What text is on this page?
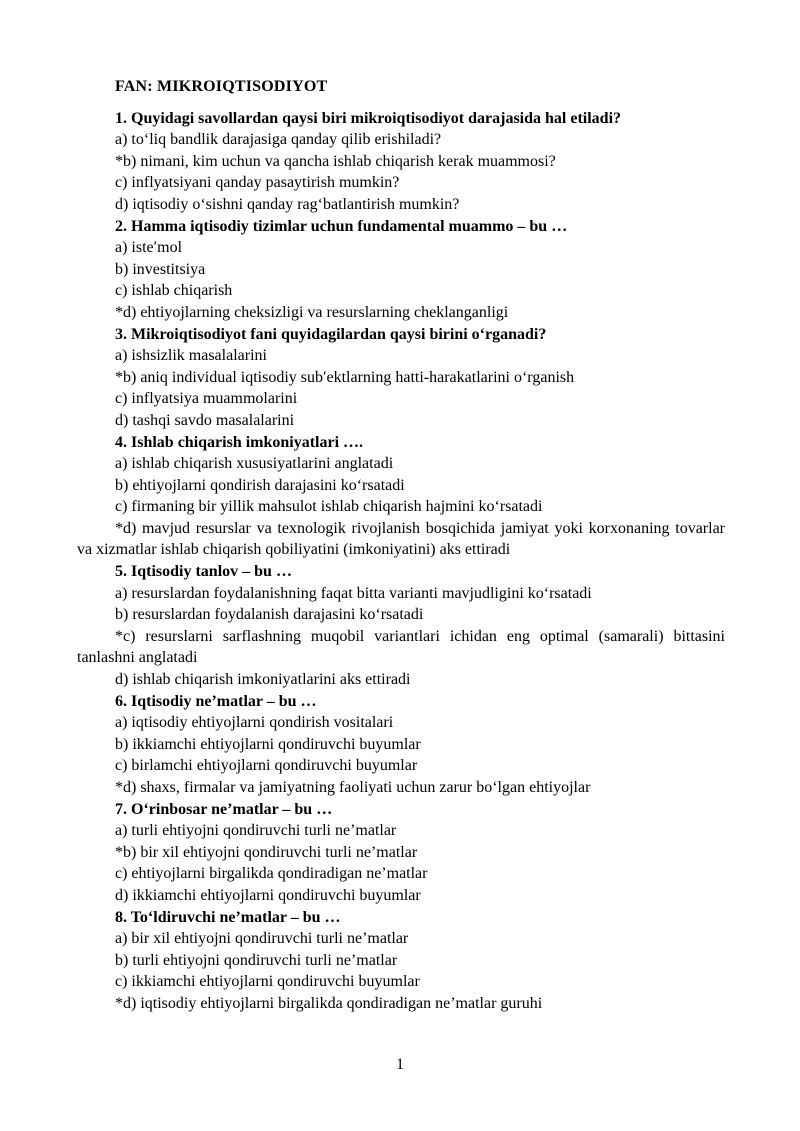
FAN: MIKROIQTISODIYOT
1. Quyidagi savollardan qaysi biri mikroiqtisodiyot darajasida hal etiladi?
a) to‘liq bandlik darajasiga qanday qilib erishiladi?
*b) nimani, kim uchun va qancha ishlab chiqarish kerak muammosi?
c) inflyatsiyani qanday pasaytirish mumkin?
d) iqtisodiy o‘sishni qanday rag‘batlantirish mumkin?
2. Hamma iqtisodiy tizimlar uchun fundamental muammo – bu …
a) iste′mol
b) investitsiya
c) ishlab chiqarish
*d) ehtiyojlarning cheksizligi va resurslarning cheklanganligi
3. Mikroiqtisodiyot fani quyidagilardan qaysi birini o‘rganadi?
a) ishsizlik masalalarini
*b) aniq individual iqtisodiy sub′ektlarning hatti-harakatlarini o‘rganish
c) inflyatsiya muammolarini
d) tashqi savdo masalalarini
4. Ishlab chiqarish imkoniyatlari ….
a) ishlab chiqarish xususiyatlarini anglatadi
b) ehtiyojlarni qondirish darajasini ko‘rsatadi
c) firmaning bir yillik mahsulot ishlab chiqarish hajmini ko‘rsatadi
*d) mavjud resurslar va texnologik rivojlanish bosqichida jamiyat yoki korxonaning tovarlar va xizmatlar ishlab chiqarish qobiliyatini (imkoniyatini) aks ettiradi
5. Iqtisodiy tanlov – bu …
a) resurslardan foydalanishning faqat bitta varianti mavjudligini ko‘rsatadi
b) resurslardan foydalanish darajasini ko‘rsatadi
*c) resurslarni sarflashning muqobil variantlari ichidan eng optimal (samarali) bittasini tanlashni anglatadi
d) ishlab chiqarish imkoniyatlarini aks ettiradi
6. Iqtisodiy ne’matlar – bu …
a) iqtisodiy ehtiyojlarni qondirish vositalari
b) ikkiamchi ehtiyojlarni qondiruvchi buyumlar
c) birlamchi ehtiyojlarni qondiruvchi buyumlar
*d) shaxs, firmalar va jamiyatning faoliyati uchun zarur bo‘lgan ehtiyojlar
7. O‘rinbosar ne’matlar – bu …
a) turli ehtiyojni qondiruvchi turli ne’matlar
*b) bir xil ehtiyojni qondiruvchi turli ne’matlar
c) ehtiyojlarni birgalikda qondiradigan ne’matlar
d) ikkiamchi ehtiyojlarni qondiruvchi buyumlar
8. To‘ldiruvchi ne’matlar – bu …
a) bir xil ehtiyojni qondiruvchi turli ne’matlar
b) turli ehtiyojni qondiruvchi turli ne’matlar
c) ikkiamchi ehtiyojlarni qondiruvchi buyumlar
*d) iqtisodiy ehtiyojlarni birgalikda qondiradigan ne’matlar guruhi
1
